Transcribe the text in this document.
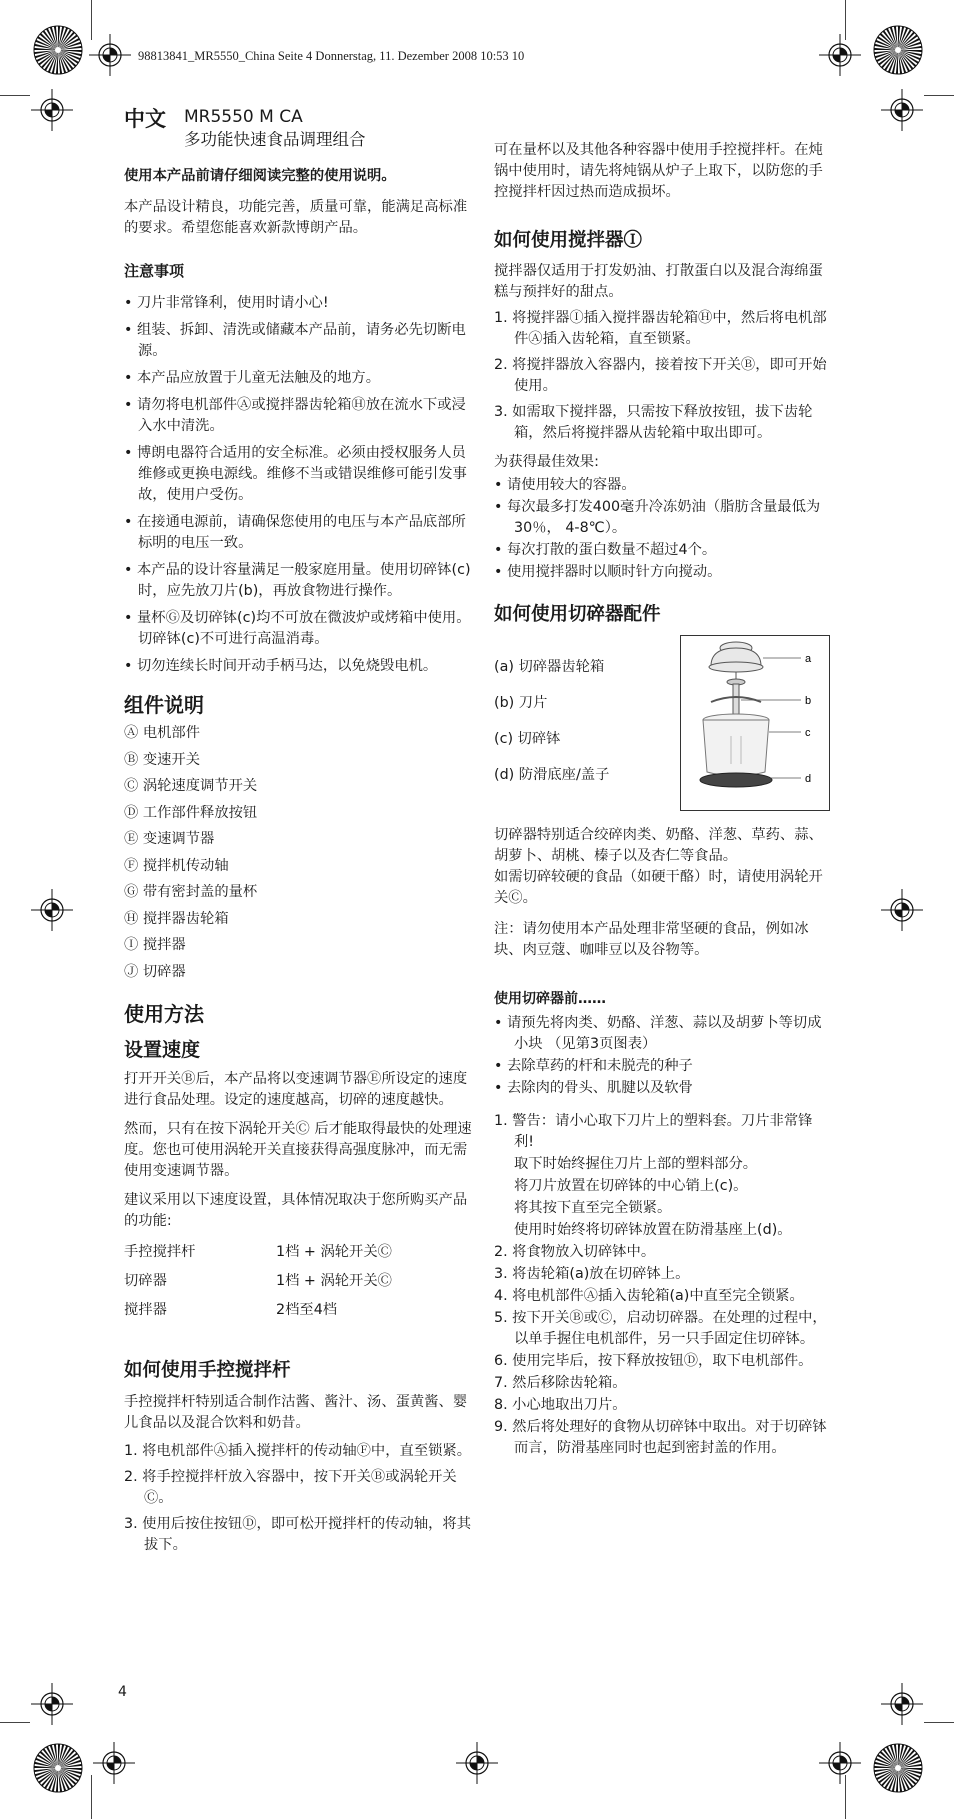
98813841_MR5550_China Seite 4 Donnerstag, 11. Dezember 2008 10:53 10
中文 MR5550 M CA
多功能快速食品调理组合

使用本产品前请仔细阅读完整的使用说明。

本产品设计精良，功能完善，质量可靠，能满足高标准的要求。希望您能喜欢新款博朗产品。

注意事项
• 刀片非常锋利，使用时请小心!
• 组装、拆卸、清洗或储藏本产品前，请务必先切断电源。
• 本产品应放置于儿童无法触及的地方。
• 请勿将电机部件Ⓐ或搅拌器齿轮箱Ⓗ放在流水下或浸入水中清洗。
• 博朗电器符合适用的安全标准。必须由授权服务人员维修或更换电源线。维修不当或错误维修可能引发事故，使用户受伤。
• 在接通电源前，请确保您使用的电压与本产品底部所标明的电压一致。
• 本产品的设计容量满足一般家庭用量。使用切碎钵(c)时，应先放刀片(b)，再放食物进行操作。
• 量杯Ⓖ及切碎钵(c)均不可放在微波炉或烤箱中使用。切碎钵(c)不可进行高温消毒。
• 切勿连续长时间开动手柄马达，以免烧毁电机。
组件说明
Ⓐ 电机部件
Ⓑ 变速开关
Ⓒ 涡轮速度调节开关
Ⓓ 工作部件释放按钮
Ⓔ 变速调节器
Ⓕ 搅拌机传动轴
Ⓖ 带有密封盖的量杯
Ⓗ 搅拌器齿轮箱
Ⓘ 搅拌器
Ⓙ 切碎器
使用方法
设置速度

打开开关Ⓑ后，本产品将以变速调节器Ⓔ所设定的速度进行食品处理。设定的速度越高，切碎的速度越快。

然而，只有在按下涡轮开关Ⓒ 后才能取得最快的处理速度。您也可使用涡轮开关直接获得高强度脉冲，而无需使用变速调节器。

建议采用以下速度设置，具体情况取决于您所购买产品的功能:

手控搅拌杆	1档 + 涡轮开关Ⓒ
切碎器	1档 + 涡轮开关Ⓒ
搅拌器	2档至4档
如何使用手控搅拌杆

手控搅拌杆特别适合制作沽酱、酱汁、汤、蛋黄酱、婴儿食品以及混合饮料和奶昔。

1. 将电机部件Ⓐ插入搅拌杆的传动轴Ⓕ中，直至锁紧。
2. 将手控搅拌杆放入容器中，按下开关Ⓑ或涡轮开关Ⓒ。
3. 使用后按住按钮Ⓓ，即可松开搅拌杆的传动轴，将其拔下。

可在量杯以及其他各种容器中使用手控搅拌杆。在炖锅中使用时，请先将炖锅从炉子上取下，以防您的手控搅拌杆因过热而造成损坏。

如何使用搅拌器Ⓘ

搅拌器仅适用于打发奶油、打散蛋白以及混合海绵蛋糕与预拌好的甜点。

1. 将搅拌器Ⓘ插入搅拌器齿轮箱Ⓗ中，然后将电机部件Ⓐ插入齿轮箱，直至锁紧。
2. 将搅拌器放入容器内，接着按下开关Ⓑ，即可开始使用。
3. 如需取下搅拌器，只需按下释放按钮，拔下齿轮箱，然后将搅拌器从齿轮箱中取出即可。

为获得最佳效果:

• 请使用较大的容器。
• 每次最多打发400毫升冷冻奶油（脂肪含量最低为30％， 4-8℃）。
• 每次打散的蛋白数量不超过4个。
• 使用搅拌器时以顺时针方向搅动。
如何使用切碎器配件
(a) 切碎器齿轮箱
(b) 刀片
(c) 切碎钵
(d) 防滑底座/盖子
a
b
c
d

切碎器特别适合绞碎肉类、奶酪、洋葱、草药、蒜、胡萝卜、胡桃、榛子以及杏仁等食品。

如需切碎较硬的食品（如硬干酪）时，请使用涡轮开关Ⓒ。

注：请勿使用本产品处理非常坚硬的食品，例如冰块、肉豆蔻、咖啡豆以及谷物等。

使用切碎器前……
• 请预先将肉类、奶酪、洋葱、蒜以及胡萝卜等切成小块 （见第3页图表）
• 去除草药的杆和未脱壳的种子
• 去除肉的骨头、肌腱以及软骨
1. 警告：请小心取下刀片上的塑料套。刀片非常锋利!
取下时始终握住刀片上部的塑料部分。
将刀片放置在切碎钵的中心销上(c)。
将其按下直至完全锁紧。
使用时始终将切碎钵放置在防滑基座上(d)。
2. 将食物放入切碎钵中。
3. 将齿轮箱(a)放在切碎钵上。
4. 将电机部件Ⓐ插入齿轮箱(a)中直至完全锁紧。
5. 按下开关Ⓑ或Ⓒ，启动切碎器。在处理的过程中，以单手握住电机部件，另一只手固定住切碎钵。
6. 使用完毕后，按下释放按钮Ⓓ，取下电机部件。
7. 然后移除齿轮箱。
8. 小心地取出刀片。
9. 然后将处理好的食物从切碎钵中取出。对于切碎钵而言，防滑基座同时也起到密封盖的作用。
4
